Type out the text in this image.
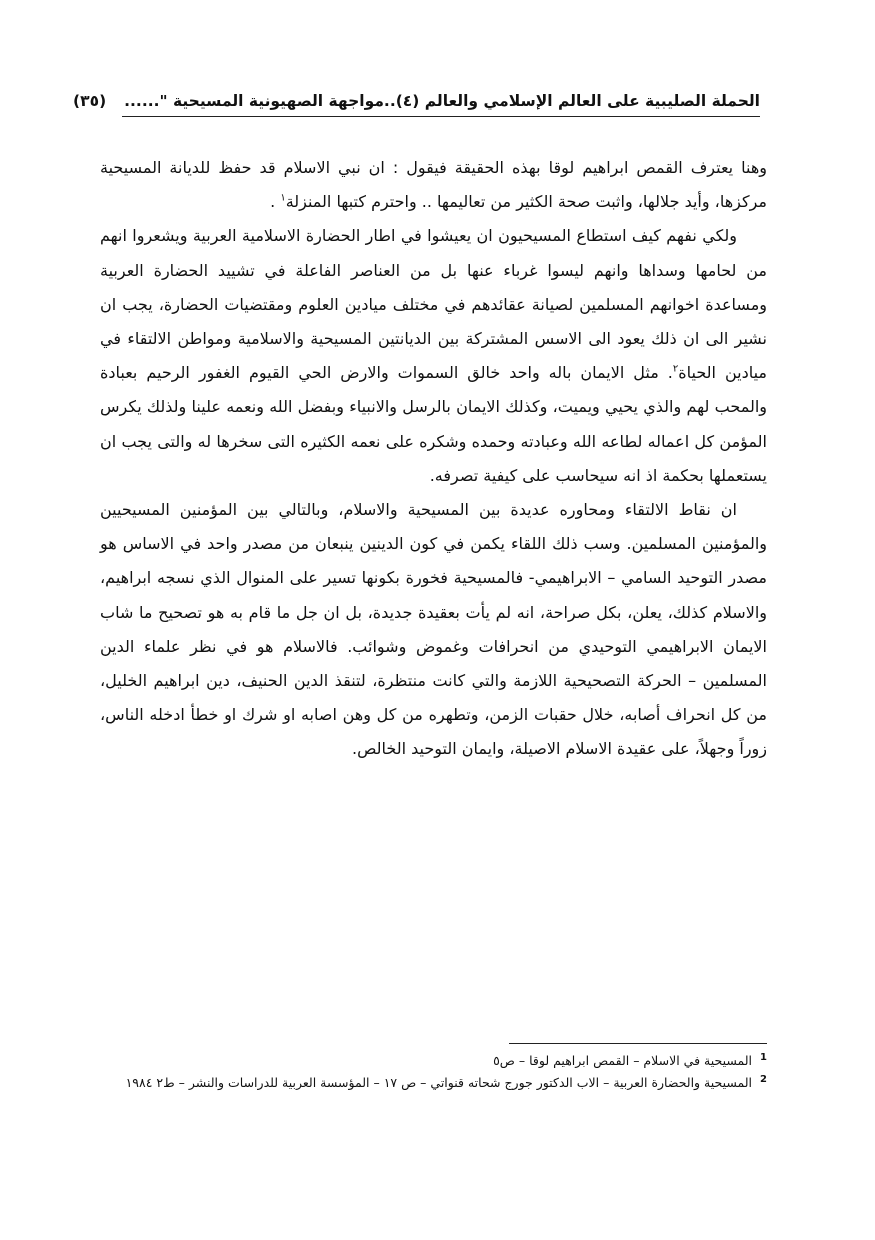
الحملة الصليبية على العالم الإسلامي والعالم (٤)..مواجهة الصهيونية المسيحية "......
(٣٥)

وهنا يعترف القمص ابراهيم لوقا بهذه الحقيقة فيقول : ان نبي الاسلام قد حفظ للديانة المسيحية مركزها، وأيد جلالها، واثبت صحة الكثير من تعاليمها .. واحترم كتبها المنزلة$^١$ .

ولكي نفهم كيف استطاع المسيحيون ان يعيشوا في اطار الحضارة الاسلامية العربية ويشعروا انهم من لحامها وسداها وانهم ليسوا غرباء عنها بل من العناصر الفاعلة في تشييد الحضارة العربية ومساعدة اخوانهم المسلمين لصيانة عقائدهم في مختلف ميادين العلوم ومقتضيات الحضارة، يجب ان نشير الى ان ذلك يعود الى الاسس المشتركة بين الديانتين المسيحية والاسلامية ومواطن الالتقاء في ميادين الحياة$^٢$. مثل الايمان باله واحد خالق السموات والارض الحي القيوم الغفور الرحيم بعبادة والمحب لهم والذي يحيي ويميت، وكذلك الايمان بالرسل والانبياء وبفضل الله ونعمه علينا ولذلك يكرس المؤمن كل اعماله لطاعه الله وعبادته وحمده وشكره على نعمه الكثيره التى سخرها له والتى يجب ان يستعملها بحكمة اذ انه سيحاسب على كيفية تصرفه.

ان نقاط الالتقاء ومحاوره عديدة بين المسيحية والاسلام، وبالتالي بين المؤمنين المسيحيين والمؤمنين المسلمين. وسب ذلك اللقاء يكمن في كون الدينين ينبعان من مصدر واحد في الاساس هو مصدر التوحيد السامي – الابراهيمي- فالمسيحية فخورة بكونها تسير على المنوال الذي نسجه ابراهيم، والاسلام كذلك، يعلن، بكل صراحة، انه لم يأت بعقيدة جديدة، بل ان جل ما قام به هو تصحيح ما شاب الايمان الابراهيمي التوحيدي من انحرافات وغموض وشوائب. فالاسلام هو في نظر علماء الدين المسلمين – الحركة التصحيحية اللازمة والتي كانت منتظرة، لتنقذ الدين الحنيف، دين ابراهيم الخليل، من كل انحراف أصابه، خلال حقبات الزمن، وتطهره من كل وهن اصابه او شرك او خطأ ادخله الناس، زوراً وجهلاً، على عقيدة الاسلام الاصيلة، وايمان التوحيد الخالص.

$^1$المسيحية في الاسلام – القمص ابراهيم لوقا – ص٥

$^2$المسيحية والحضارة العربية – الاب الدكتور جورج شحاته قنواتي – ص ١٧ – المؤسسة العربية للدراسات والنشر – ط٢ ١٩٨٤
